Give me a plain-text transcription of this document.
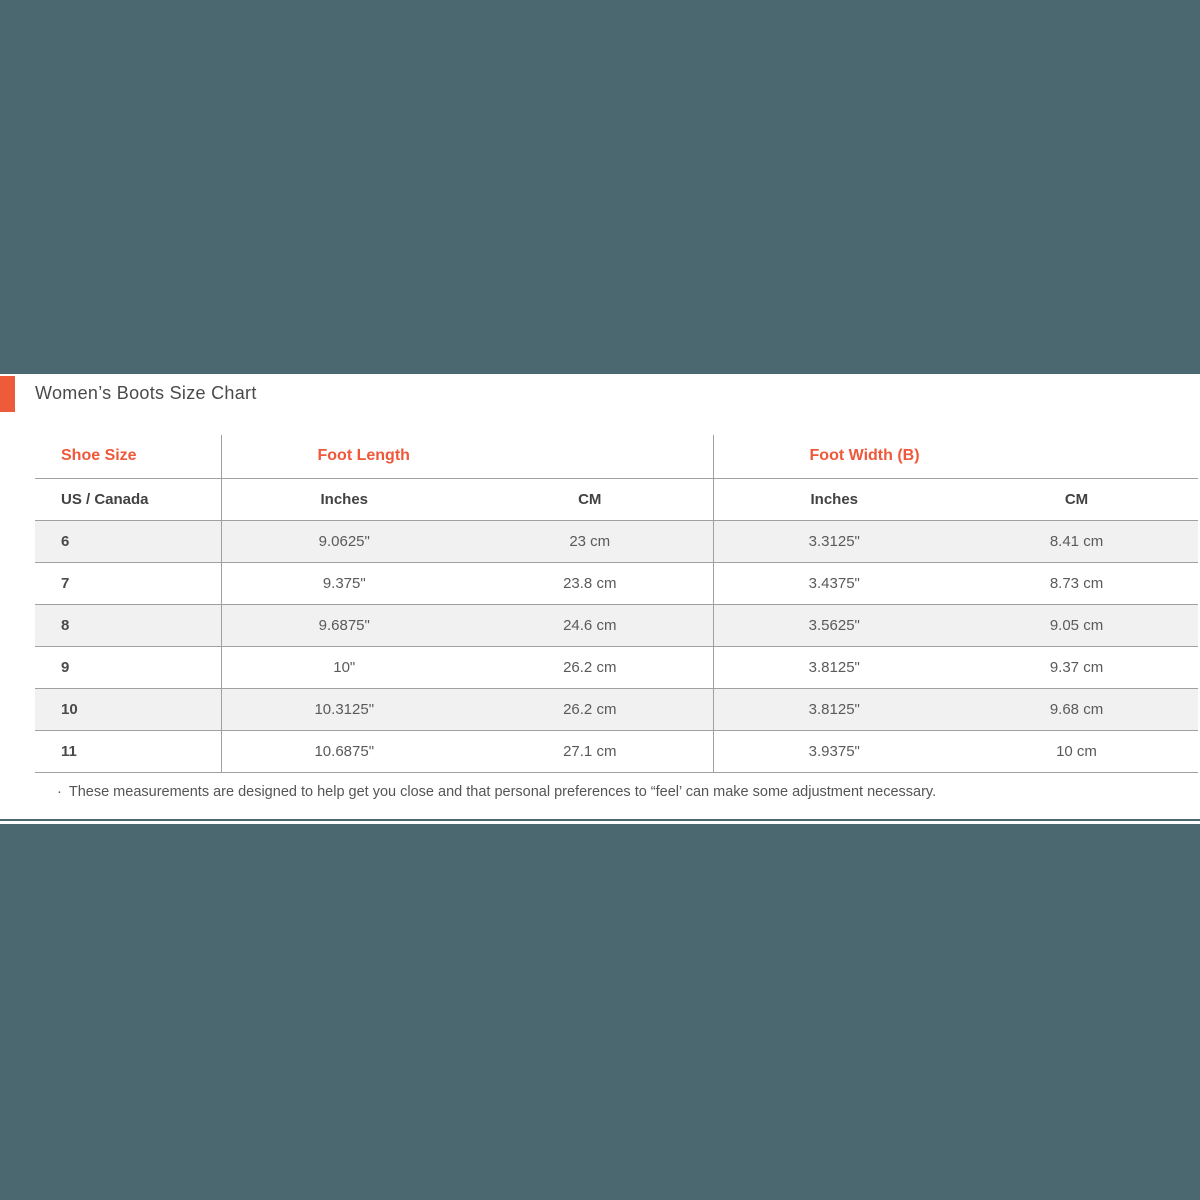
Women’s Boots Size Chart
Shoe Size	Foot Length		Foot Width (B)	
US / Canada	Inches	CM	Inches	CM
6	9.0625"	23 cm	3.3125"	8.41 cm
7	9.375"	23.8 cm	3.4375"	8.73 cm
8	9.6875"	24.6 cm	3.5625"	9.05 cm
9	10"	26.2 cm	3.8125"	9.37 cm
10	10.3125"	26.2 cm	3.8125"	9.68 cm
11	10.6875"	27.1 cm	3.9375"	10 cm

· These measurements are designed to help get you close and that personal preferences to “feel’ can make some adjustment necessary.
